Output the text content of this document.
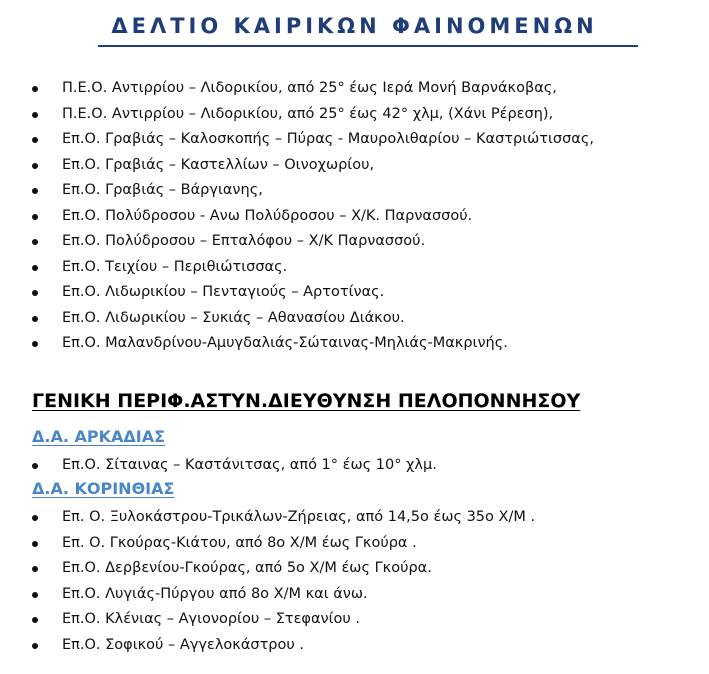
ΔΕΛΤΙΟ ΚΑΙΡΙΚΩΝ ΦΑΙΝΟΜΕΝΩΝ
Π.Ε.Ο. Αντιρρίου – Λιδορικίου, από 25° έως Ιερά Μονή Βαρνάκοβας,
Π.Ε.Ο. Αντιρρίου – Λιδορικίου, από 25° έως 42° χλμ, (Χάνι Ρέρεση),
Επ.Ο. Γραβιάς – Καλοσκοπής – Πύρας - Μαυρολιθαρίου – Καστριώτισσας,
Επ.Ο. Γραβιάς – Καστελλίων – Οινοχωρίου,
Επ.Ο. Γραβιάς – Βάργιανης,
Επ.Ο. Πολύδροσου - Ανω Πολύδροσου – Χ/Κ. Παρνασσού.
Επ.Ο. Πολύδροσου – Επταλόφου – Χ/Κ Παρνασσού.
Επ.Ο. Τειχίου – Περιθιώτισσας.
Επ.Ο. Λιδωρικίου – Πενταγιούς – Αρτοτίνας.
Επ.Ο. Λιδωρικίου – Συκιάς – Αθανασίου Διάκου.
Επ.Ο. Μαλανδρίνου-Αμυγδαλιάς-Σώταινας-Μηλιάς-Μακρινής.
ΓΕΝΙΚΗ ΠΕΡΙΦ.ΑΣΤΥΝ.ΔΙΕΥΘΥΝΣΗ ΠΕΛΟΠΟΝΝΗΣΟΥ
Δ.Α. ΑΡΚΑΔΙΑΣ
Επ.Ο. Σίταινας – Καστάνιτσας, από 1° έως 10° χλμ.
Δ.Α. ΚΟΡΙΝΘΙΑΣ
Επ. Ο. Ξυλοκάστρου-Τρικάλων-Ζήρειας, από 14,5ο έως 35ο Χ/Μ .
Επ. Ο. Γκούρας-Κιάτου, από 8ο Χ/Μ έως Γκούρα .
Επ.Ο. Δερβενίου-Γκούρας, από 5ο Χ/Μ έως Γκούρα.
Επ.Ο. Λυγιάς-Πύργου από 8ο Χ/Μ και άνω.
Επ.Ο. Κλένιας – Αγιονορίου – Στεφανίου .
Επ.Ο. Σοφικού – Αγγελοκάστρου .
